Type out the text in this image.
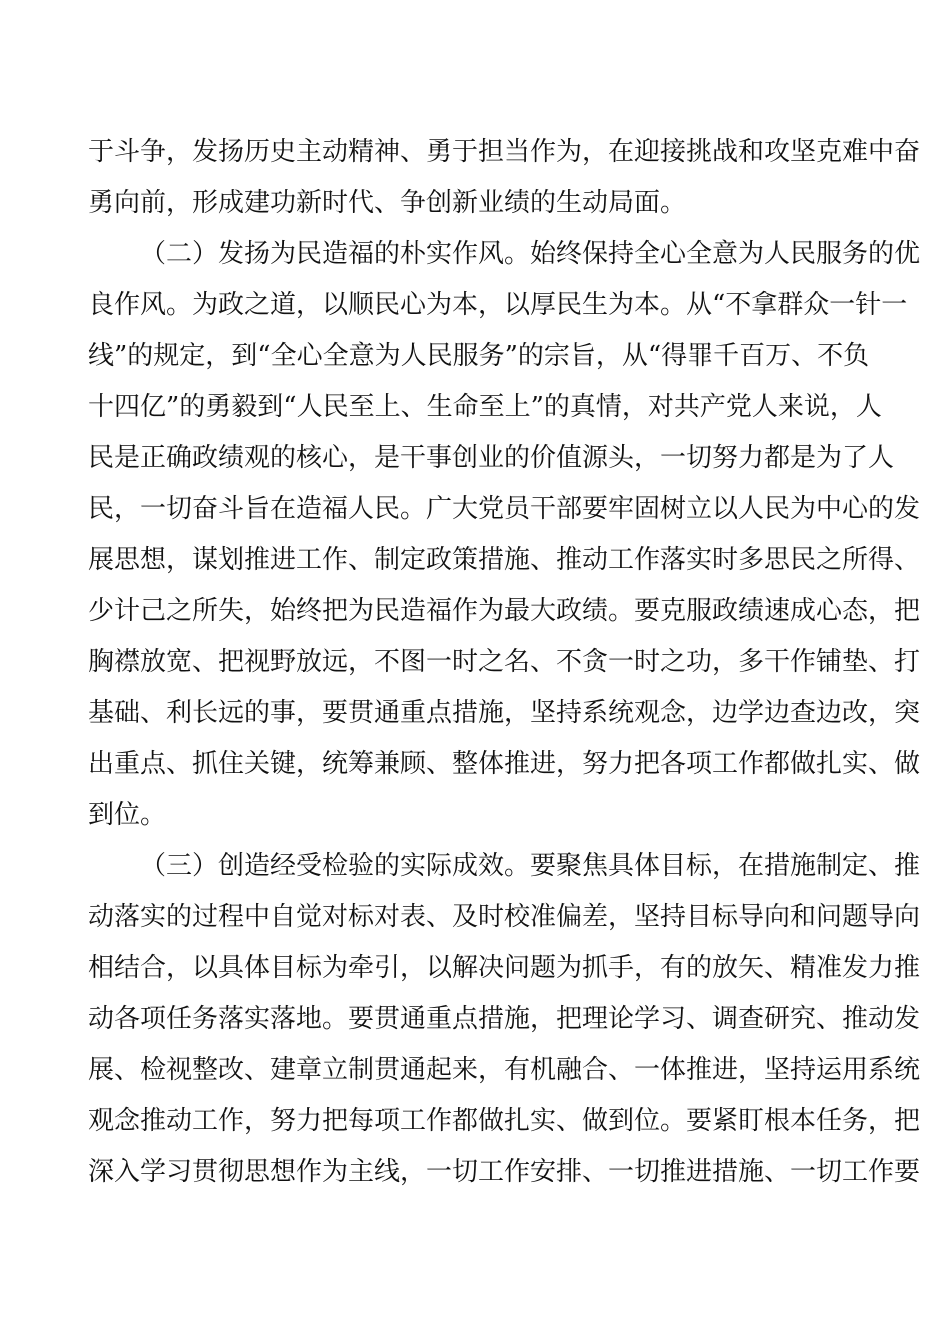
于斗争，发扬历史主动精神、勇于担当作为，在迎接挑战和攻坚克难中奋
勇向前，形成建功新时代、争创新业绩的生动局面。
（二）发扬为民造福的朴实作风。始终保持全心全意为人民服务的优
良作风。为政之道，以顺民心为本，以厚民生为本。从“不拿群众一针一
线”的规定，到“全心全意为人民服务”的宗旨，从“得罪千百万、不负
十四亿”的勇毅到“人民至上、生命至上”的真情，对共产党人来说，人
民是正确政绩观的核心，是干事创业的价值源头，一切努力都是为了人
民，一切奋斗旨在造福人民。广大党员干部要牢固树立以人民为中心的发
展思想，谋划推进工作、制定政策措施、推动工作落实时多思民之所得、
少计己之所失，始终把为民造福作为最大政绩。要克服政绩速成心态，把
胸襟放宽、把视野放远，不图一时之名、不贪一时之功，多干作铺垫、打
基础、利长远的事，要贯通重点措施，坚持系统观念，边学边查边改，突
出重点、抓住关键，统筹兼顾、整体推进，努力把各项工作都做扎实、做
到位。
（三）创造经受检验的实际成效。要聚焦具体目标，在措施制定、推
动落实的过程中自觉对标对表、及时校准偏差，坚持目标导向和问题导向
相结合，以具体目标为牵引，以解决问题为抓手，有的放矢、精准发力推
动各项任务落实落地。要贯通重点措施，把理论学习、调查研究、推动发
展、检视整改、建章立制贯通起来，有机融合、一体推进，坚持运用系统
观念推动工作，努力把每项工作都做扎实、做到位。要紧盯根本任务，把
深入学习贯彻思想作为主线，一切工作安排、一切推进措施、一切工作要
